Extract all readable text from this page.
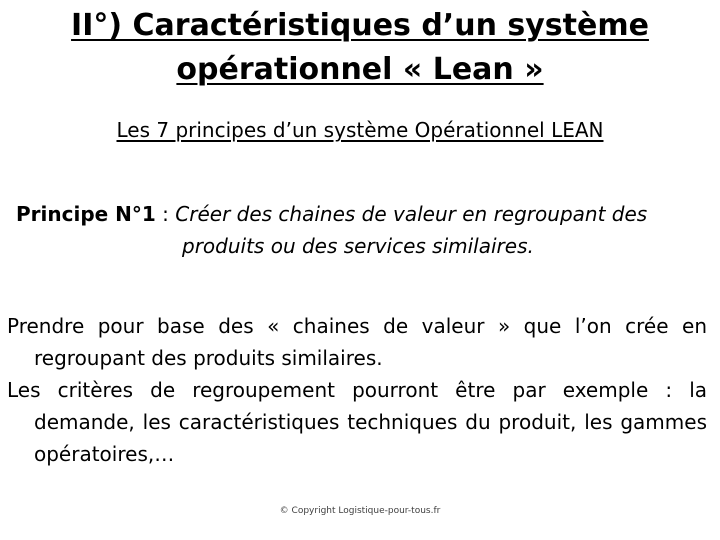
II°) Caractéristiques d’un système
opérationnel « Lean »
Les 7 principes d’un système Opérationnel LEAN
Principe N°1 : Créer des chaines de valeur en regroupant des
produits ou des services similaires.

Prendre pour base des « chaines de valeur » que l’on crée en regroupant des produits similaires.

Les critères de regroupement pourront être par exemple : la demande, les caractéristiques techniques du produit, les gammes opératoires,…

© Copyright Logistique-pour-tous.fr
